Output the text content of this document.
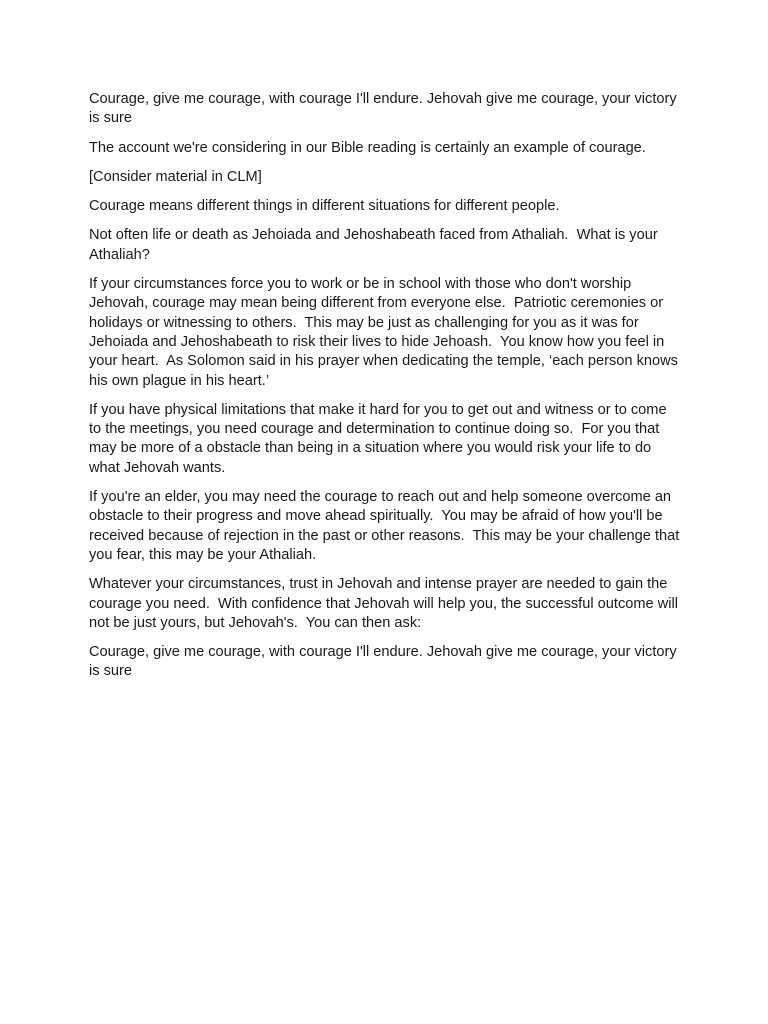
Courage, give me courage, with courage I'll endure. Jehovah give me courage, your victory is sure

The account we're considering in our Bible reading is certainly an example of courage.

[Consider material in CLM]

Courage means different things in different situations for different people.

Not often life or death as Jehoiada and Jehoshabeath faced from Athaliah.  What is your Athaliah?

If your circumstances force you to work or be in school with those who don't worship Jehovah, courage may mean being different from everyone else.  Patriotic ceremonies or holidays or witnessing to others.  This may be just as challenging for you as it was for Jehoiada and Jehoshabeath to risk their lives to hide Jehoash.  You know how you feel in your heart.  As Solomon said in his prayer when dedicating the temple, ‘each person knows his own plague in his heart.’

If you have physical limitations that make it hard for you to get out and witness or to come to the meetings, you need courage and determination to continue doing so.  For you that may be more of a obstacle than being in a situation where you would risk your life to do what Jehovah wants.

If you're an elder, you may need the courage to reach out and help someone overcome an obstacle to their progress and move ahead spiritually.  You may be afraid of how you'll be received because of rejection in the past or other reasons.  This may be your challenge that you fear, this may be your Athaliah.

Whatever your circumstances, trust in Jehovah and intense prayer are needed to gain the courage you need.  With confidence that Jehovah will help you, the successful outcome will not be just yours, but Jehovah's.  You can then ask:

Courage, give me courage, with courage I'll endure. Jehovah give me courage, your victory is sure
